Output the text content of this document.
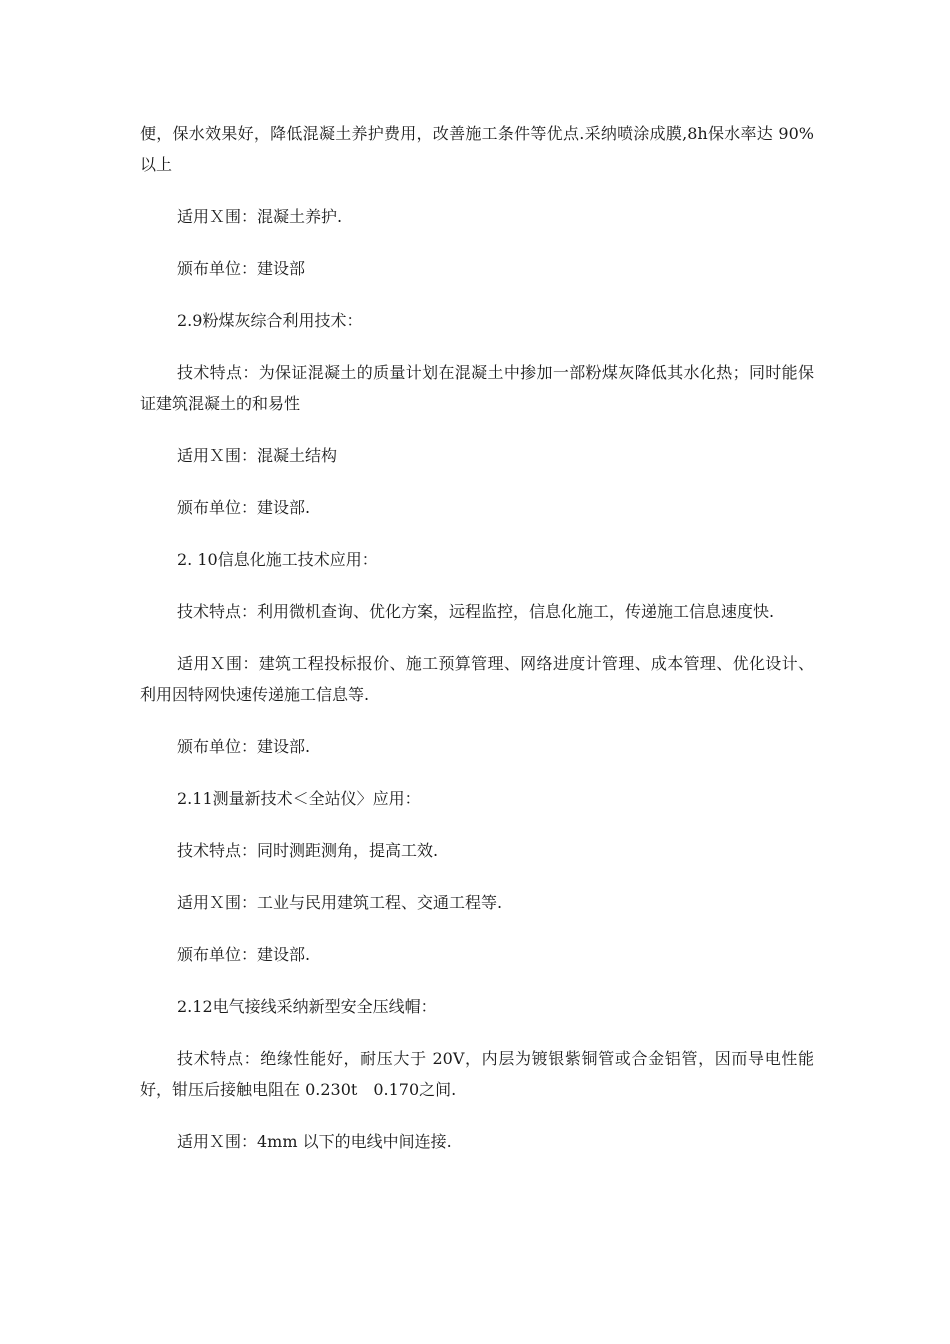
便，保水效果好，降低混凝土养护费用，改善施工条件等优点.采纳喷涂成膜,8h保水率达 90%以上

适用Ｘ围：混凝土养护.

颁布单位：建设部

2.9粉煤灰综合利用技术：

技术特点：为保证混凝土的质量计划在混凝土中掺加一部粉煤灰降低其水化热；同时能保证建筑混凝土的和易性

适用Ｘ围：混凝土结构

颁布单位：建设部.

2. 10信息化施工技术应用：

技术特点：利用微机查询、优化方案，远程监控，信息化施工，传递施工信息速度快.

适用Ｘ围：建筑工程投标报价、施工预算管理、网络进度计管理、成本管理、优化设计、利用因特网快速传递施工信息等.

颁布单位：建设部.

2.11测量新技术＜全站仪〉应用：

技术特点：同时测距测角，提高工效.

适用Ｘ围：工业与民用建筑工程、交通工程等.

颁布单位：建设部.

2.12电气接线采纳新型安全压线帽：

技术特点：绝缘性能好，耐压大于 20V，内层为镀银紫铜管或合金铝管，因而导电性能好，钳压后接触电阻在 0.230t　0.170之间.

适用Ｘ围：4mm 以下的电线中间连接.
